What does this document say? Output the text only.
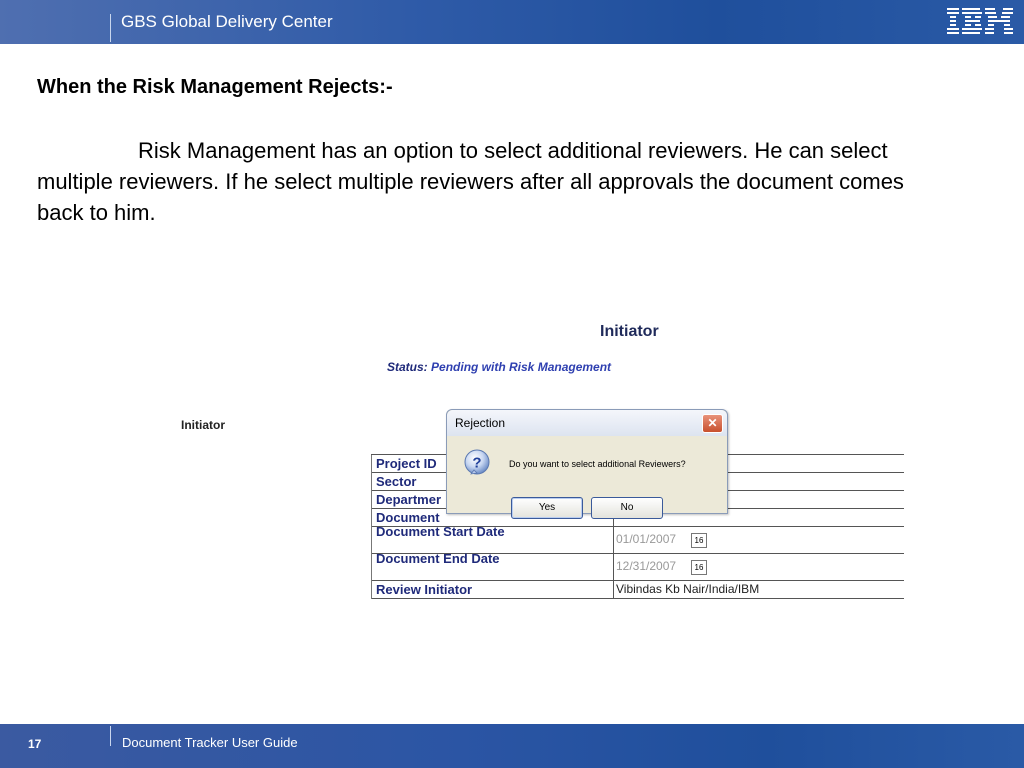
GBS Global Delivery Center
When the Risk Management Rejects:-
Risk Management has an option to select additional reviewers. He can select multiple reviewers. If he select multiple reviewers after all approvals the document comes back to him.
Initiator
Status: Pending with Risk Management
Initiator
Project ID
Sector
Departmer
Document
Document Start Date	01/01/2007	16
Document End Date	12/31/2007	16
Review Initiator	Vibindas Kb Nair/India/IBM
Rejection	✕
?	Do you want to select additional Reviewers?
Yes	No
17	Document Tracker User Guide
